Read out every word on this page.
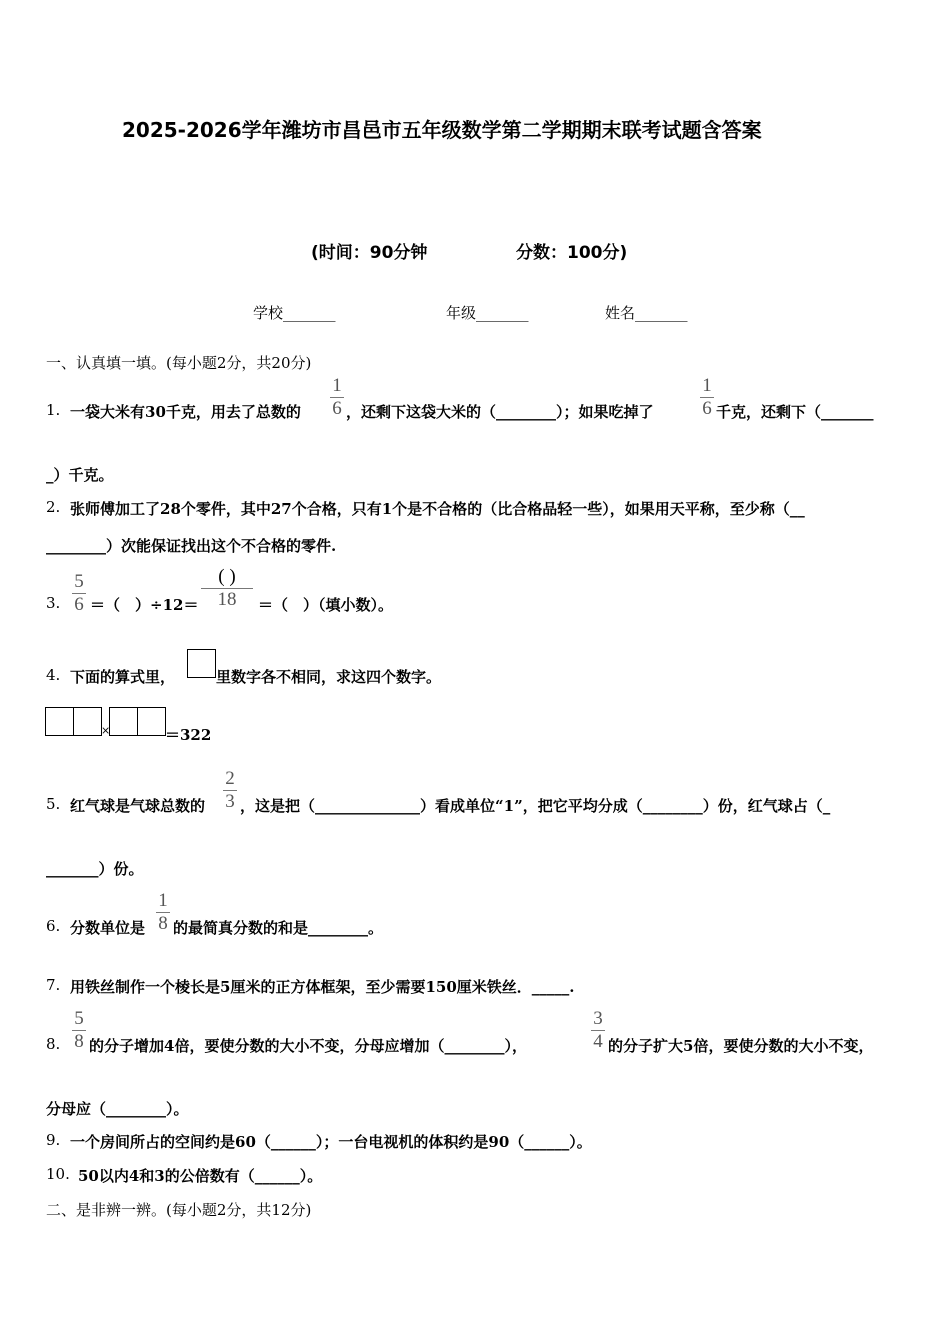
2025-2026学年潍坊市昌邑市五年级数学第二学期期末联考试题含答案
(时间：90分钟	分数：100分)
学校_______	年级_______	姓名_______
一、认真填一填。(每小题2分，共20分)
1. 一袋大米有30千克，用去了总数的
1
6 ，还剩下这袋大米的（________）；如果吃掉了
1
6 千克，还剩下（_______
_）千克。
2. 张师傅加工了28个零件，其中27个合格，只有1个是不合格的（比合格品轻一些），如果用天平称，至少称（__
________）次能保证找出这个不合格的零件.
3.
5
6 ＝（　）÷12＝
( )
18	＝（　）（填小数）。
4. 下面的算式里，	里数字各不相同，求这四个数字。
×	＝322
5. 红气球是气球总数的
2
3 ，这是把（______________）看成单位“1”，把它平均分成（________）份，红气球占（_
_______）份。
6. 分数单位是
1
8 的最简真分数的和是________。
7. 用铁丝制作一个棱长是5厘米的正方体框架，至少需要150厘米铁丝．_____.
8.
5
8 的分子增加4倍，要使分数的大小不变，分母应增加（________），
3
4 的分子扩大5倍，要使分数的大小不变，
分母应（________）。
9. 一个房间所占的空间约是60（______）；一台电视机的体积约是90（______）。
10. 50以内4和3的公倍数有（______）。
二、是非辨一辨。(每小题2分，共12分)
